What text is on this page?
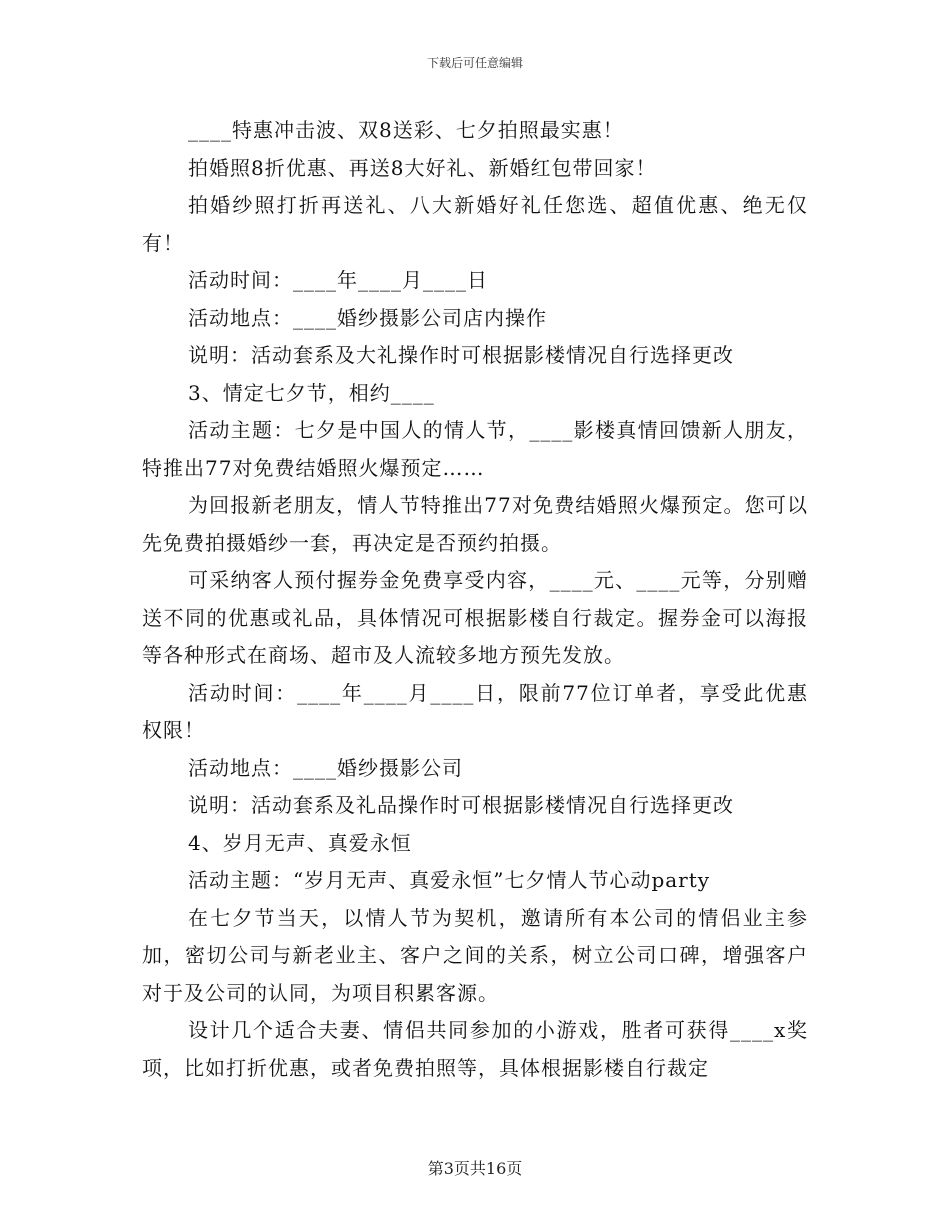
下载后可任意编辑

____特惠冲击波、双8送彩、七夕拍照最实惠！

拍婚照8折优惠、再送8大好礼、新婚红包带回家！

拍婚纱照打折再送礼、八大新婚好礼任您选、超值优惠、绝无仅有！

活动时间：____年____月____日

活动地点：____婚纱摄影公司店内操作

说明：活动套系及大礼操作时可根据影楼情况自行选择更改

3、情定七夕节，相约____

活动主题：七夕是中国人的情人节，____影楼真情回馈新人朋友，特推出77对免费结婚照火爆预定……

为回报新老朋友，情人节特推出77对免费结婚照火爆预定。您可以先免费拍摄婚纱一套，再决定是否预约拍摄。

可采纳客人预付握券金免费享受内容，____元、____元等，分别赠送不同的优惠或礼品，具体情况可根据影楼自行裁定。握券金可以海报等各种形式在商场、超市及人流较多地方预先发放。

活动时间：____年____月____日，限前77位订单者，享受此优惠权限！

活动地点：____婚纱摄影公司

说明：活动套系及礼品操作时可根据影楼情况自行选择更改

4、岁月无声、真爱永恒

活动主题：“岁月无声、真爱永恒”七夕情人节心动party

在七夕节当天，以情人节为契机，邀请所有本公司的情侣业主参加，密切公司与新老业主、客户之间的关系，树立公司口碑，增强客户对于及公司的认同，为项目积累客源。

设计几个适合夫妻、情侣共同参加的小游戏，胜者可获得____x奖项，比如打折优惠，或者免费拍照等，具体根据影楼自行裁定

第3页共16页
